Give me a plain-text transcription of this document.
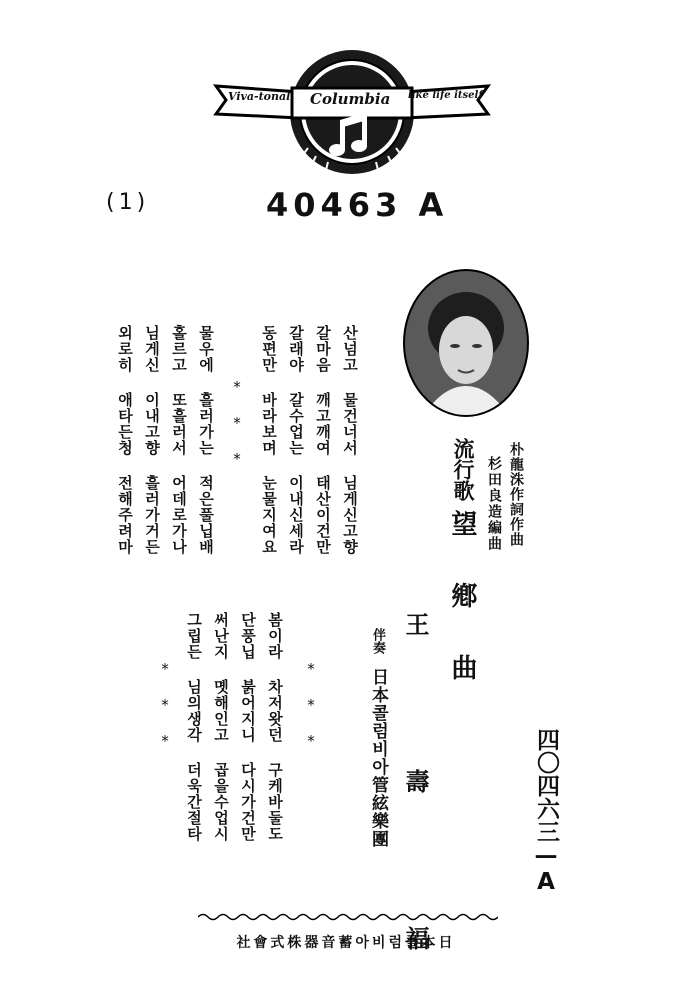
Viva-tonal Columbia like life itself
(1)	40463 A
朴龍洙作詞作曲
杉田良造編曲
流行歌
望 鄕 曲
王 壽 福
伴奏
日本콜럼비아管絃樂團	四〇四六三—A
산넘고 물건너서 님게신고향
갈마음 깨고깨여 태산이건만
갈래야 갈수업는 이내신세라
동편만 바라보며 눈물지여요
* * *
물우에 흘러가는 적은풀닙배
홀르고 또흘러서 어데로가나
님게신 이내고향 흘러가거든
외로히 애타든청 전해주려마
* * *
봄이라 차저왓던 구케바둘도
단풍닙 붉어지니 다시가건만
써난지 몟해인고 곱을수업시
그립든 님의생각 더욱간절타
* * *
日本콜럼비아蓄音器株式會社
